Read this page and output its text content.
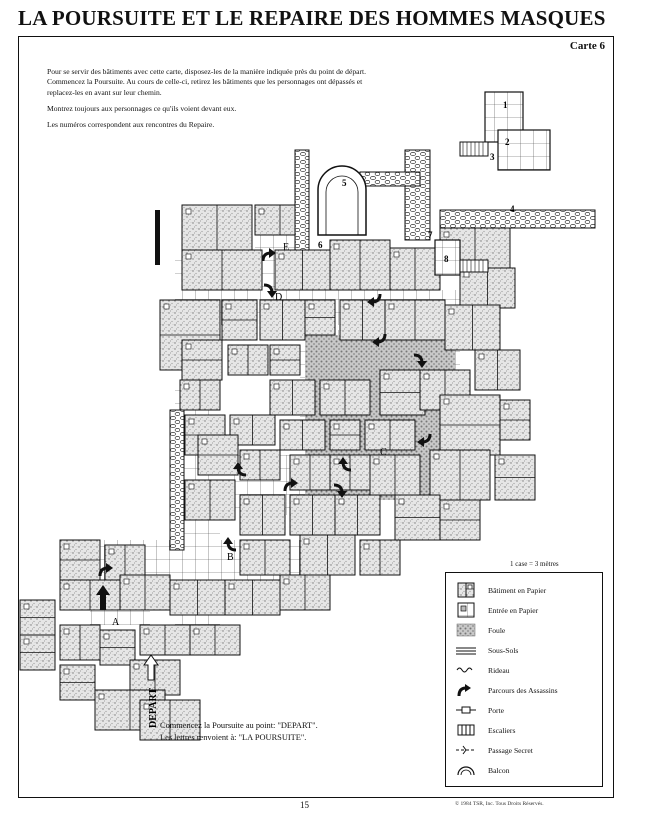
LA POURSUITE ET LE REPAIRE DES HOMMES MASQUES
Carte 6

Pour se servir des bâtiments avec cette carte, disposez-les de la manière indiquée près du point de départ. Commencez la Poursuite. Au cours de celle-ci, retirez les bâtiments que les personnages ont dépassés et replacez-les en avant sur leur chemin.

Montrez toujours aux personnages ce qu'ils voient devant eux.

Les numéros correspondent aux rencontres du Repaire.

1
2
3
4
5
6
7
8
A
B
C
D
E
DEPART
1 case = 3 mètres
Bâtiment en Papier
Entrée en Papier
Foule
Sous-Sols
Rideau
Parcours des Assassins
Porte
Escaliers
Passage Secret
Balcon
Commencez la Poursuite au point: "DEPART".
Les lettres renvoient à: "LA POURSUITE".
15	© 1984 TSR, Inc. Tous Droits Réservés.
